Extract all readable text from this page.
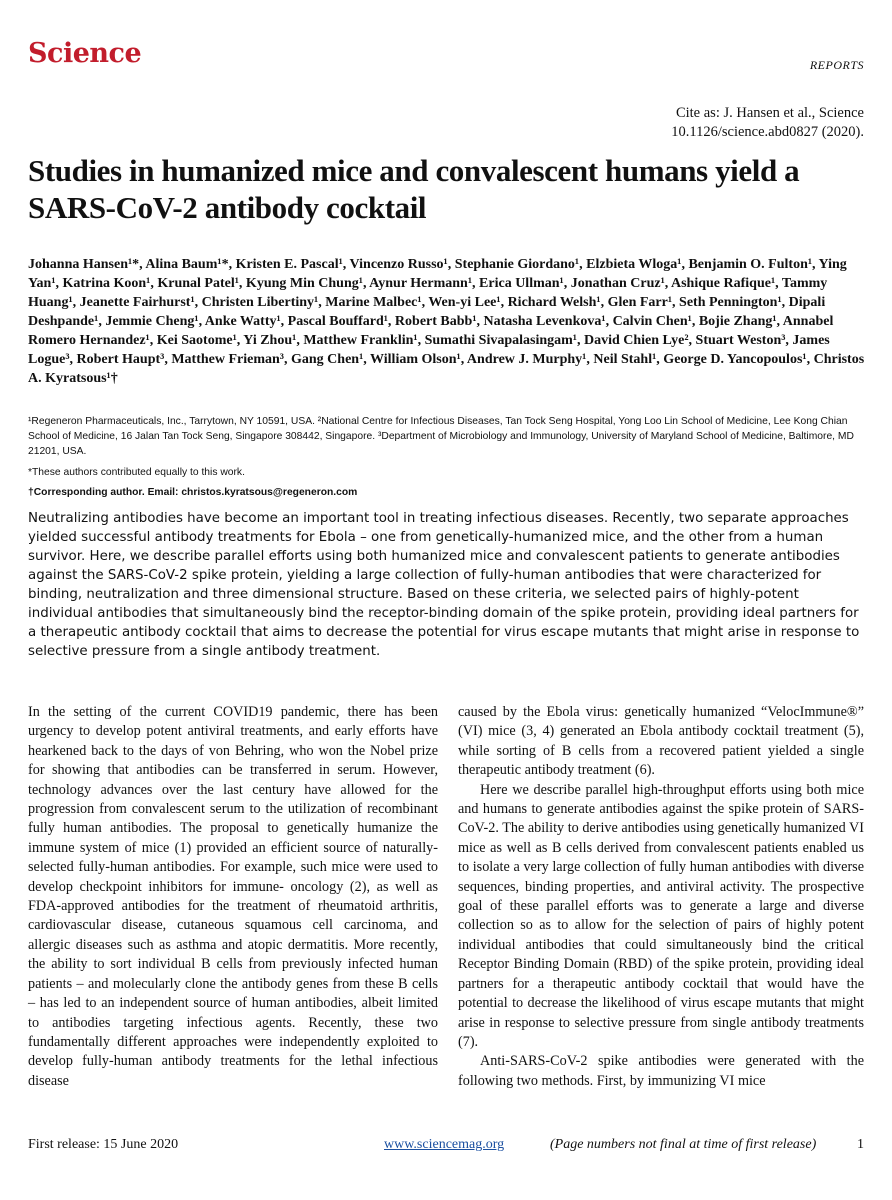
Science	REPORTS
Cite as: J. Hansen et al., Science
10.1126/science.abd0827 (2020).
Studies in humanized mice and convalescent humans yield a SARS-CoV-2 antibody cocktail

Johanna Hansen¹*, Alina Baum¹*, Kristen E. Pascal¹, Vincenzo Russo¹, Stephanie Giordano¹, Elzbieta Wloga¹, Benjamin O. Fulton¹, Ying Yan¹, Katrina Koon¹, Krunal Patel¹, Kyung Min Chung¹, Aynur Hermann¹, Erica Ullman¹, Jonathan Cruz¹, Ashique Rafique¹, Tammy Huang¹, Jeanette Fairhurst¹, Christen Libertiny¹, Marine Malbec¹, Wen-yi Lee¹, Richard Welsh¹, Glen Farr¹, Seth Pennington¹, Dipali Deshpande¹, Jemmie Cheng¹, Anke Watty¹, Pascal Bouffard¹, Robert Babb¹, Natasha Levenkova¹, Calvin Chen¹, Bojie Zhang¹, Annabel Romero Hernandez¹, Kei Saotome¹, Yi Zhou¹, Matthew Franklin¹, Sumathi Sivapalasingam¹, David Chien Lye², Stuart Weston³, James Logue³, Robert Haupt³, Matthew Frieman³, Gang Chen¹, William Olson¹, Andrew J. Murphy¹, Neil Stahl¹, George D. Yancopoulos¹, Christos A. Kyratsous¹†

¹Regeneron Pharmaceuticals, Inc., Tarrytown, NY 10591, USA. ²National Centre for Infectious Diseases, Tan Tock Seng Hospital, Yong Loo Lin School of Medicine, Lee Kong Chian School of Medicine, 16 Jalan Tan Tock Seng, Singapore 308442, Singapore. ³Department of Microbiology and Immunology, University of Maryland School of Medicine, Baltimore, MD 21201, USA.

*These authors contributed equally to this work.

†Corresponding author. Email: christos.kyratsous@regeneron.com

Neutralizing antibodies have become an important tool in treating infectious diseases. Recently, two separate approaches yielded successful antibody treatments for Ebola – one from genetically-humanized mice, and the other from a human survivor. Here, we describe parallel efforts using both humanized mice and convalescent patients to generate antibodies against the SARS-CoV-2 spike protein, yielding a large collection of fully-human antibodies that were characterized for binding, neutralization and three dimensional structure. Based on these criteria, we selected pairs of highly-potent individual antibodies that simultaneously bind the receptor-binding domain of the spike protein, providing ideal partners for a therapeutic antibody cocktail that aims to decrease the potential for virus escape mutants that might arise in response to selective pressure from a single antibody treatment.

In the setting of the current COVID19 pandemic, there has been urgency to develop potent antiviral treatments, and early efforts have hearkened back to the days of von Behring, who won the Nobel prize for showing that antibodies can be transferred in serum. However, technology advances over the last century have allowed for the progression from convalescent serum to the utilization of recombinant fully human antibodies. The proposal to genetically humanize the immune system of mice (1) provided an efficient source of naturally-selected fully-human antibodies. For example, such mice were used to develop checkpoint inhibitors for immune- oncology (2), as well as FDA-approved antibodies for the treatment of rheumatoid arthritis, cardiovascular disease, cutaneous squamous cell carcinoma, and allergic diseases such as asthma and atopic dermatitis. More recently, the ability to sort individual B cells from previously infected human patients – and molecularly clone the antibody genes from these B cells – has led to an independent source of human antibodies, albeit limited to antibodies targeting infectious agents. Recently, these two fundamentally different approaches were independently exploited to develop fully-human antibody treatments for the lethal infectious disease

caused by the Ebola virus: genetically humanized “VelocImmune®” (VI) mice (3, 4) generated an Ebola antibody cocktail treatment (5), while sorting of B cells from a recovered patient yielded a single therapeutic antibody treatment (6).

Here we describe parallel high-throughput efforts using both mice and humans to generate antibodies against the spike protein of SARS-CoV-2. The ability to derive antibodies using genetically humanized VI mice as well as B cells derived from convalescent patients enabled us to isolate a very large collection of fully human antibodies with diverse sequences, binding properties, and antiviral activity. The prospective goal of these parallel efforts was to generate a large and diverse collection so as to allow for the selection of pairs of highly potent individual antibodies that could simultaneously bind the critical Receptor Binding Domain (RBD) of the spike protein, providing ideal partners for a therapeutic antibody cocktail that would have the potential to decrease the likelihood of virus escape mutants that might arise in response to selective pressure from single antibody treatments (7).

Anti-SARS-CoV-2 spike antibodies were generated with the following two methods. First, by immunizing VI mice

First release: 15 June 2020	www.sciencemag.org	(Page numbers not final at time of first release)	1
